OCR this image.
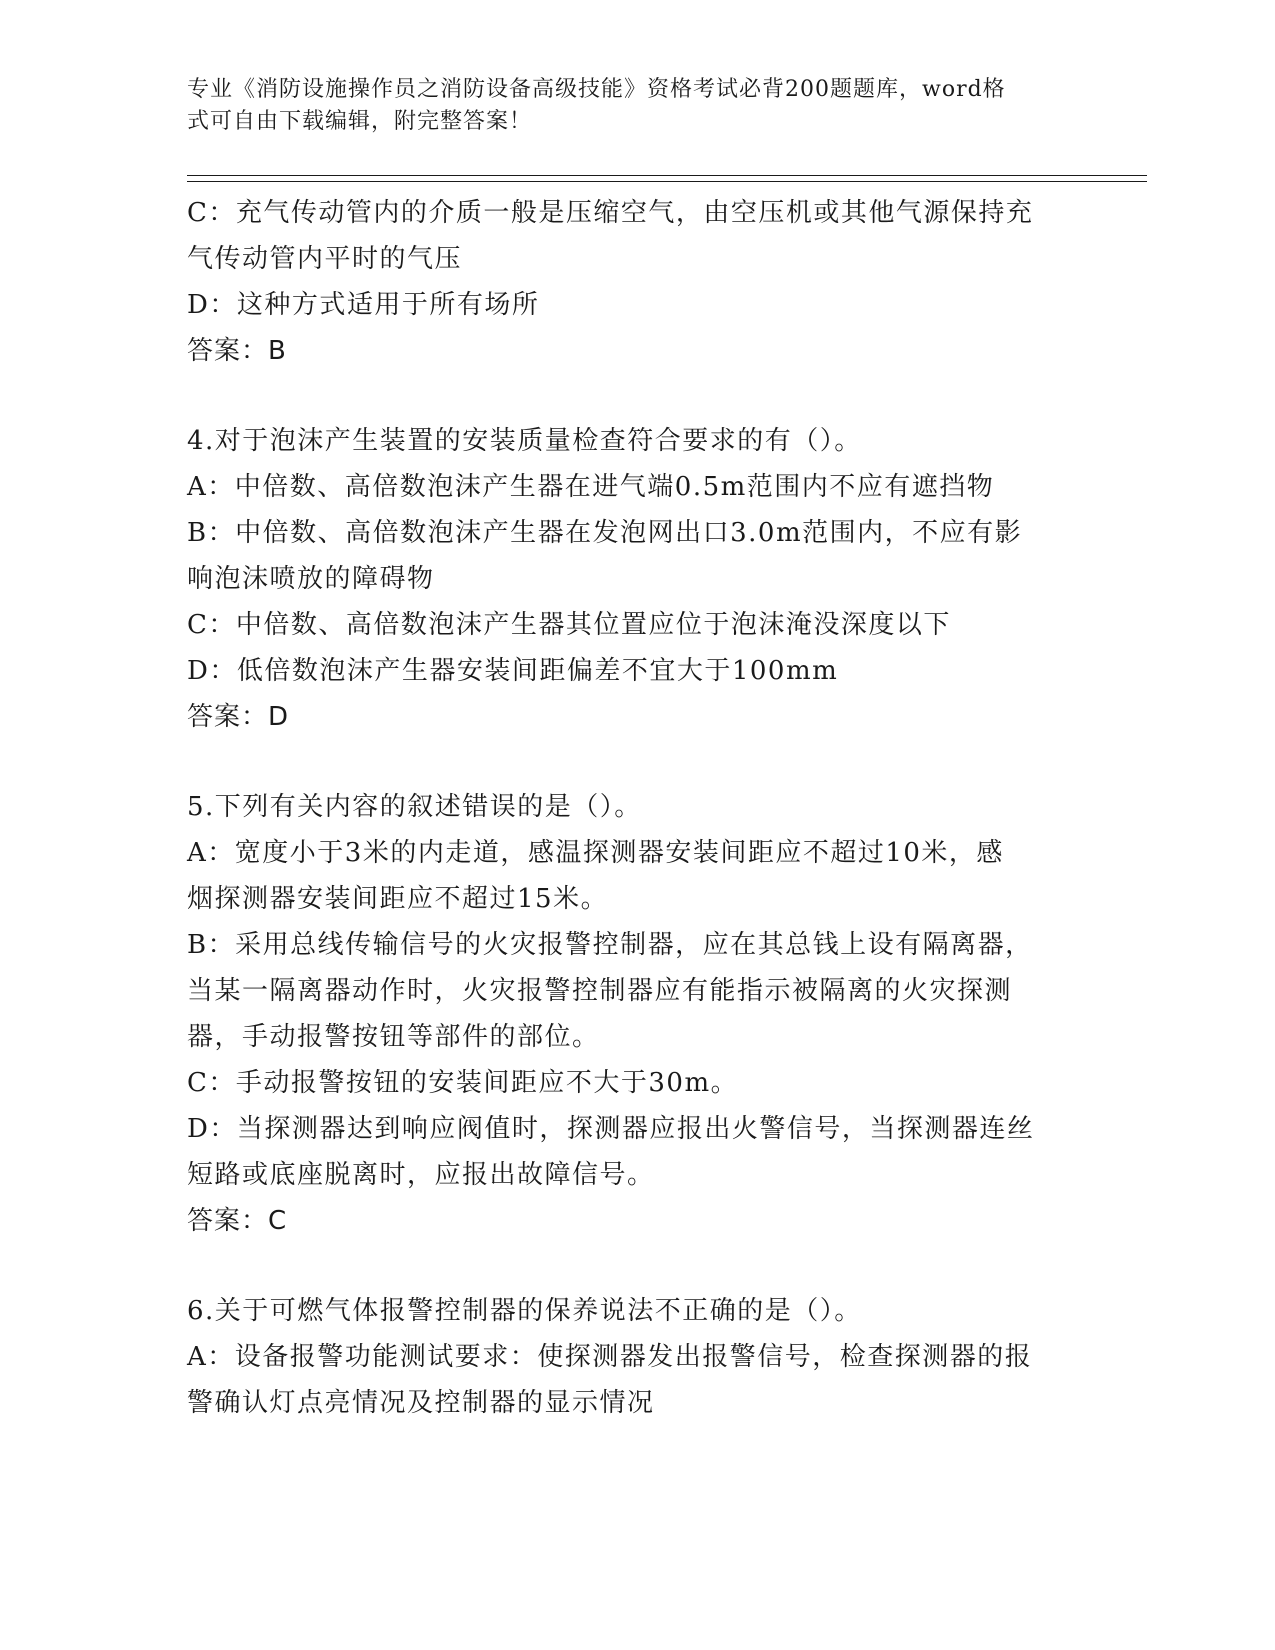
专业《消防设施操作员之消防设备高级技能》资格考试必背200题题库，word格

式可自由下载编辑，附完整答案！

C：充气传动管内的介质一般是压缩空气，由空压机或其他气源保持充

气传动管内平时的气压

D：这种方式适用于所有场所

答案：B

4.对于泡沫产生装置的安装质量检查符合要求的有（）。

A：中倍数、高倍数泡沫产生器在进气端0.5m范围内不应有遮挡物

B：中倍数、高倍数泡沫产生器在发泡网出口3.0m范围内，不应有影

响泡沫喷放的障碍物

C：中倍数、高倍数泡沫产生器其位置应位于泡沫淹没深度以下

D：低倍数泡沫产生器安装间距偏差不宜大于100mm

答案：D

5.下列有关内容的叙述错误的是（）。

A：宽度小于3米的内走道，感温探测器安装间距应不超过10米，感

烟探测器安装间距应不超过15米。

B：采用总线传输信号的火灾报警控制器，应在其总钱上设有隔离器，

当某一隔离器动作时，火灾报警控制器应有能指示被隔离的火灾探测

器，手动报警按钮等部件的部位。

C：手动报警按钮的安装间距应不大于30m。

D：当探测器达到响应阀值时，探测器应报出火警信号，当探测器连丝

短路或底座脱离时，应报出故障信号。

答案：C

6.关于可燃气体报警控制器的保养说法不正确的是（）。

A：设备报警功能测试要求：使探测器发出报警信号，检查探测器的报

警确认灯点亮情况及控制器的显示情况
